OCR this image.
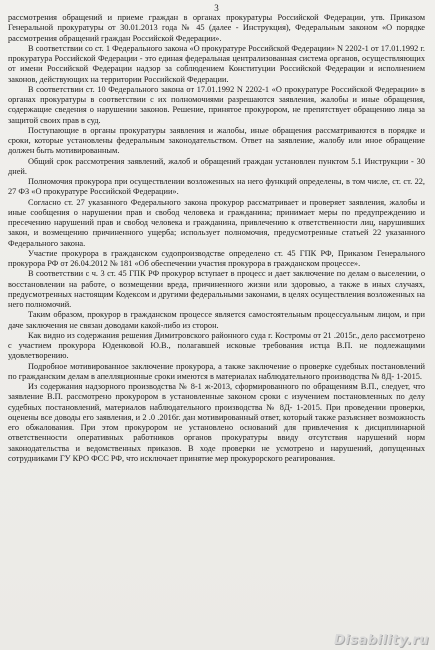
3

рассмотрения обращений и приеме граждан в органах прокуратуры Российской Федерации, утв. Приказом Генеральной прокуратуры от 30.01.2013 года № 45 (далее - Инструкция), Федеральным законом «О порядке рассмотрения обращений граждан Российской Федерации».

В соответствии со ст. 1 Федерального закона «О прокуратуре Российской Федерации» N 2202-1 от 17.01.1992 г. прокуратура Российской Федерации - это единая федеральная централизованная система органов, осуществляющих от имени Российской Федерации надзор за соблюдением Конституции Российской Федерации и исполнением законов, действующих на территории Российской Федерации.

В соответствии ст. 10 Федерального закона от 17.01.1992 N 2202-1 «О прокуратуре Российской Федерации» в органах прокуратуры в соответствии с их полномочиями разрешаются заявления, жалобы и иные обращения, содержащие сведения о нарушении законов. Решение, принятое прокурором, не препятствует обращению лица за защитой своих прав в суд.

Поступающие в органы прокуратуры заявления и жалобы, иные обращения рассматриваются в порядке и сроки, которые установлены федеральным законодательством. Ответ на заявление, жалобу или иное обращение должен быть мотивированным.

Общий срок рассмотрения заявлений, жалоб и обращений граждан установлен пунктом 5.1 Инструкции - 30 дней.

Полномочия прокурора при осуществлении возложенных на него функций определены, в том числе, ст. ст. 22, 27 ФЗ «О прокуратуре Российской Федерации».

Согласно ст. 27 указанного Федерального закона прокурор рассматривает и проверяет заявления, жалобы и иные сообщения о нарушении прав и свобод человека и гражданина; принимает меры по предупреждению и пресечению нарушений прав и свобод человека и гражданина, привлечению к ответственности лиц, нарушивших закон, и возмещению причиненного ущерба; использует полномочия, предусмотренные статьей 22 указанного Федерального закона.

Участие прокурора в гражданском судопроизводстве определено ст. 45 ГПК РФ, Приказом Генерального прокурора РФ от 26.04.2012 № 181 «Об обеспечении участия прокурора в гражданском процессе».

В соответствии с ч. 3 ст. 45 ГПК РФ прокурор вступает в процесс и дает заключение по делам о выселении, о восстановлении на работе, о возмещении вреда, причиненного жизни или здоровью, а также в иных случаях, предусмотренных настоящим Кодексом и другими федеральными законами, в целях осуществления возложенных на него полномочий.

Таким образом, прокурор в гражданском процессе является самостоятельным процессуальным лицом, и при даче заключения не связан доводами какой-либо из сторон.

Как видно из содержания решения Димитровского районного суда г. Костромы от 21 .2015г., дело рассмотрено с участием прокурора Юденковой Ю.В., полагавшей исковые требования истца В.П. не подлежащими удовлетворению.

Подробное мотивированное заключение прокурора, а также заключение о проверке судебных постановлений по гражданским делам в апелляционные сроки имеются в материалах наблюдательного производства № 8Д- 1-2015.

Из содержания надзорного производства № 8-1 ж-2013, сформированного по обращениям В.П., следует, что заявление В.П. рассмотрено прокурором в установленные законом сроки с изучением постановленных по делу судебных постановлений, материалов наблюдательного производства № 8Д- 1-2015. При проведении проверки, оценены все доводы его заявления, и 2 .0 .2016г. дан мотивированный ответ, который также разъясняет возможность его обжалования. При этом прокурором не установлено оснований для привлечения к дисциплинарной ответственности оперативных работников органов прокуратуры ввиду отсутствия нарушений норм законодательства и ведомственных приказов. В ходе проверки не усмотрено и нарушений, допущенных сотрудниками ГУ КРО ФСС РФ, что исключает принятие мер прокурорского реагирования.

Disability.ru
